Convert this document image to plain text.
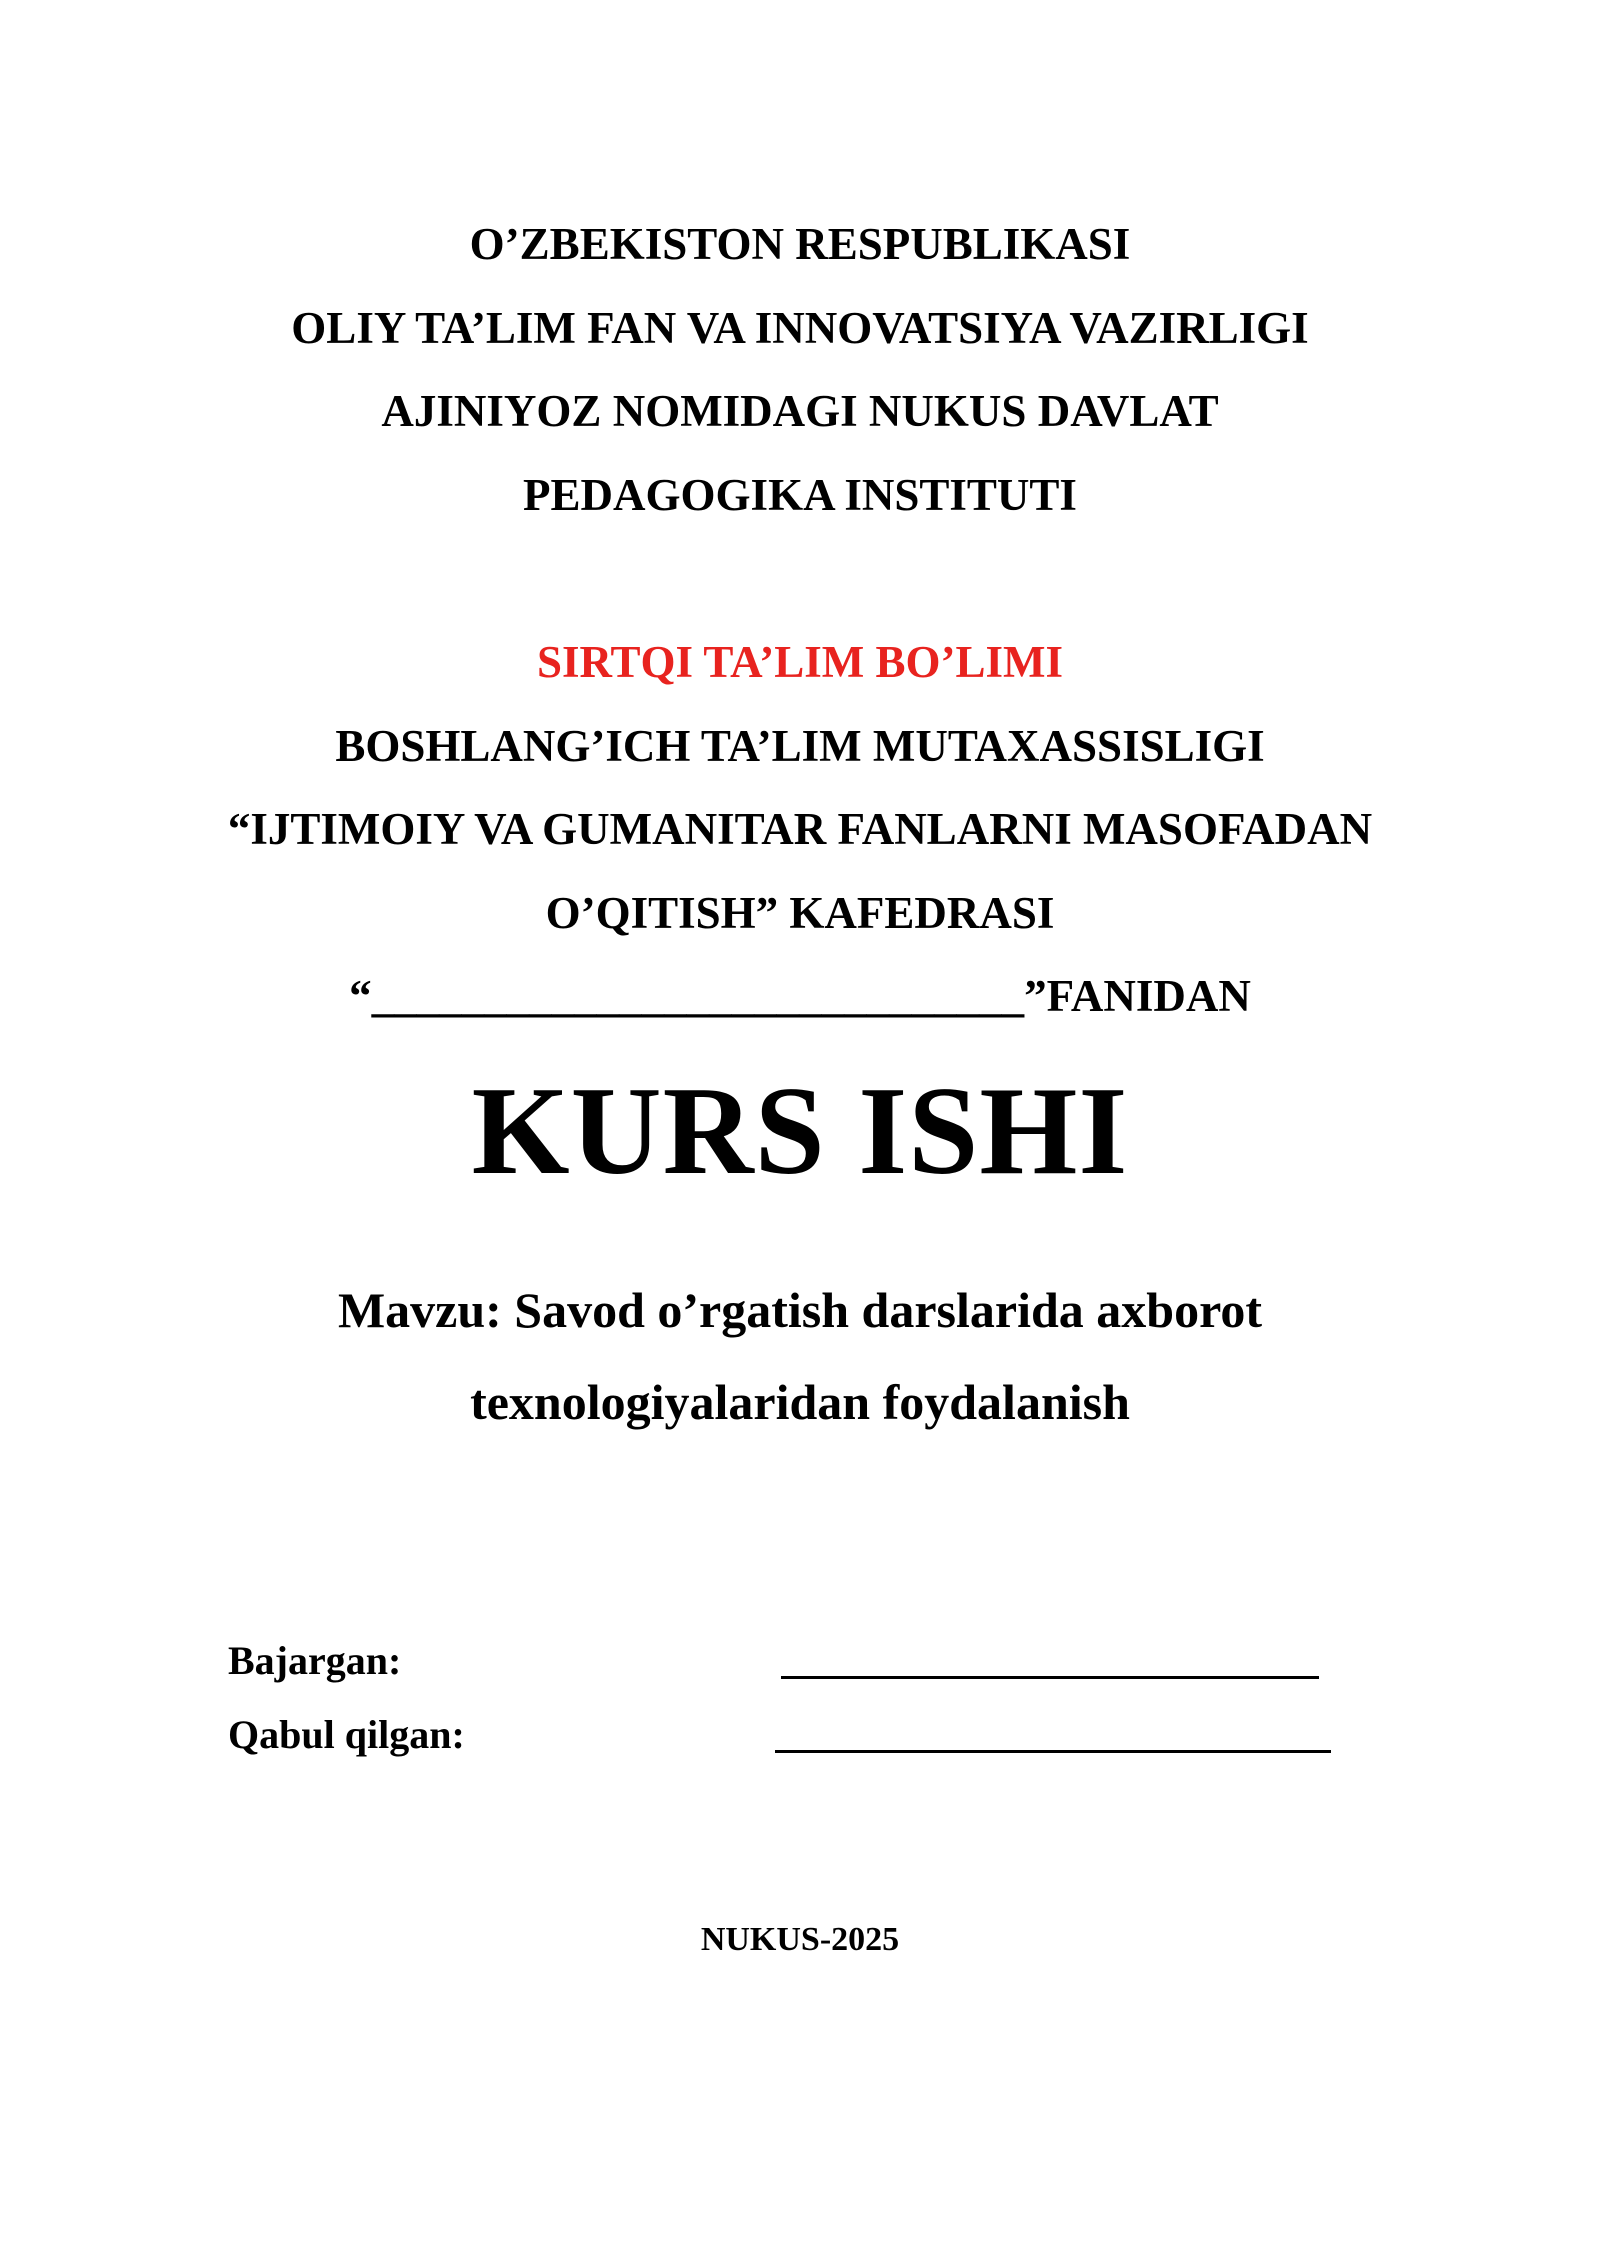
O’ZBEKISTON RESPUBLIKASI
OLIY TA’LIM FAN VA INNOVATSIYA VAZIRLIGI
AJINIYOZ NOMIDAGI NUKUS DAVLAT
PEDAGOGIKA INSTITUTI
SIRTQI TA’LIM BO’LIMI
BOSHLANG’ICH TA’LIM MUTAXASSISLIGI
“IJTIMOIY VA GUMANITAR FANLARNI MASOFADAN
O’QITISH” KAFEDRASI
“_____________________________”FANIDAN
KURS ISHI
Mavzu: Savod o’rgatish darslarida axborot
texnologiyalaridan foydalanish
Bajargan:
Qabul qilgan:
NUKUS-2025
